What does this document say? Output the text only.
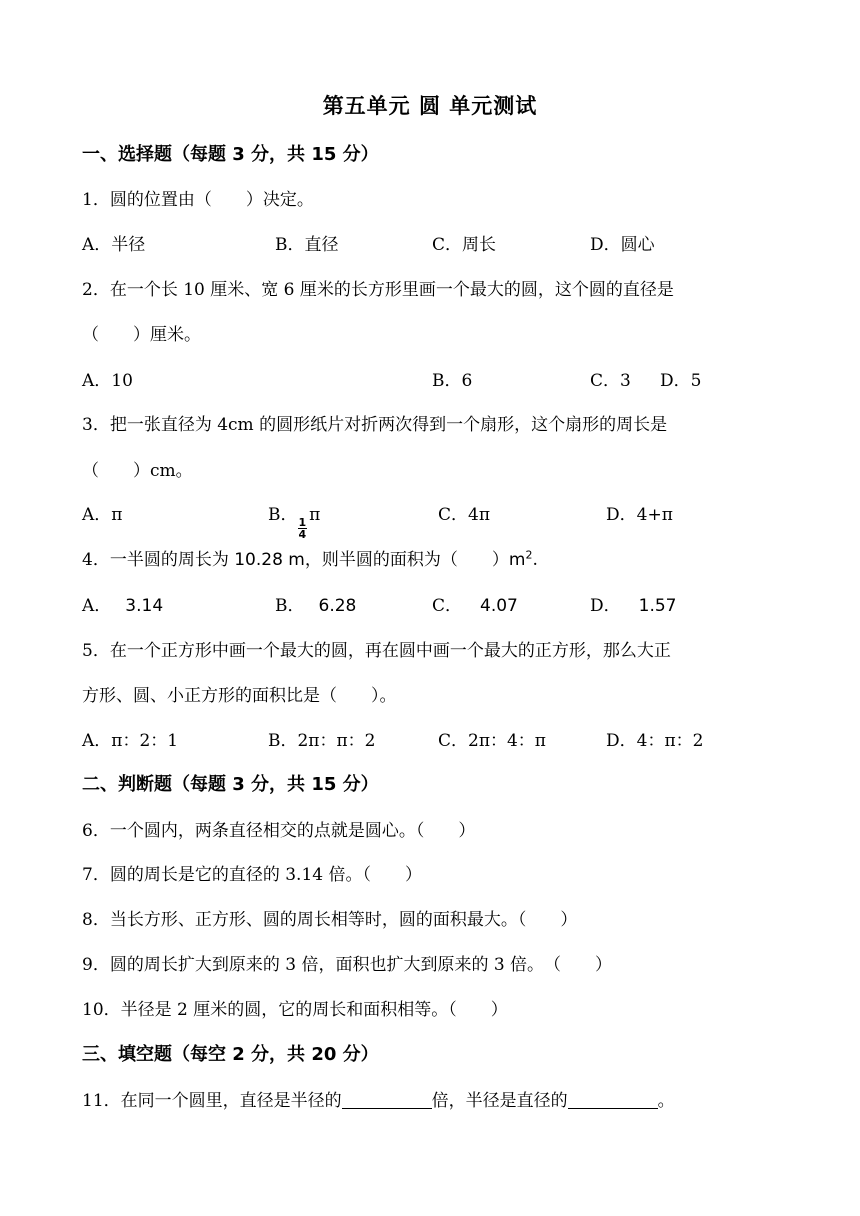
第五单元 圆 单元测试
一、选择题（每题 3 分，共 15 分）
1．圆的位置由（　　）决定。
A．半径	B．直径	C．周长	D．圆心
2．在一个长 10 厘米、宽 6 厘米的长方形里画一个最大的圆，这个圆的直径是
（　　）厘米。
A．10	B．6	C．3 D．5
3．把一张直径为 4cm 的圆形纸片对折两次得到一个扇形，这个扇形的周长是
（　　）cm。
A．π	B．
$\frac{1}{4}$
π	C．4π	D．4+π
4．一半圆的周长为 10.28 m，则半圆的面积为（　　）$m^2$.
A． 3.14	B． 6.28	C． 4.07	D． 1.57
5．在一个正方形中画一个最大的圆，再在圆中画一个最大的正方形，那么大正
方形、圆、小正方形的面积比是（　　）。
A．π：2：1	B．2π：π：2	C．2π：4：π	D．4：π：2
二、判断题（每题 3 分，共 15 分）
6．一个圆内，两条直径相交的点就是圆心。（　　）
7．圆的周长是它的直径的 3.14 倍。（　　）
8．当长方形、正方形、圆的周长相等时，圆的面积最大。（　　）
9．圆的周长扩大到原来的 3 倍，面积也扩大到原来的 3 倍。　（　　）
10．半径是 2 厘米的圆，它的周长和面积相等。（　　）
三、填空题（每空 2 分，共 20 分）
11．在同一个圆里，直径是半径的	倍，半径是直径的	。
